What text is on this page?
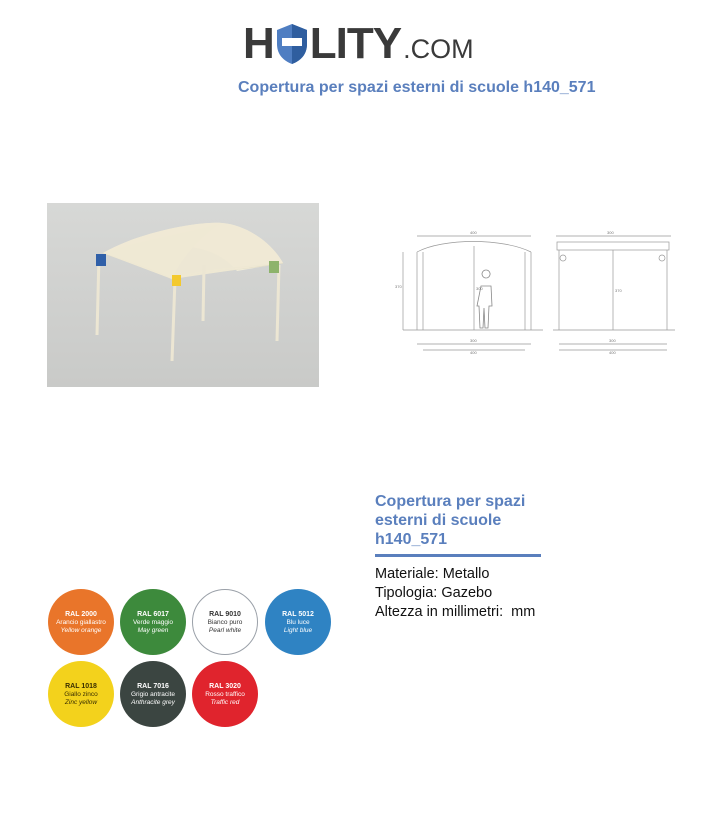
H LITY .COM
Copertura per spazi esterni di scuole h140_571
400	300
370	300	370
300
400
300
400
Copertura per spazi esterni di scuole h140_571
Materiale: Metallo
Tipologia: Gazebo
Altezza in millimetri:  mm
RAL 2000
Arancio giallastro
Yellow orange
RAL 6017
Verde maggio
May green
RAL 9010
Bianco puro
Pearl white
RAL 5012
Blu luce
Light blue
RAL 1018
Giallo zinco
Zinc yellow
RAL 7016
Grigio antracite
Anthracite grey
RAL 3020
Rosso traffico
Traffic red
